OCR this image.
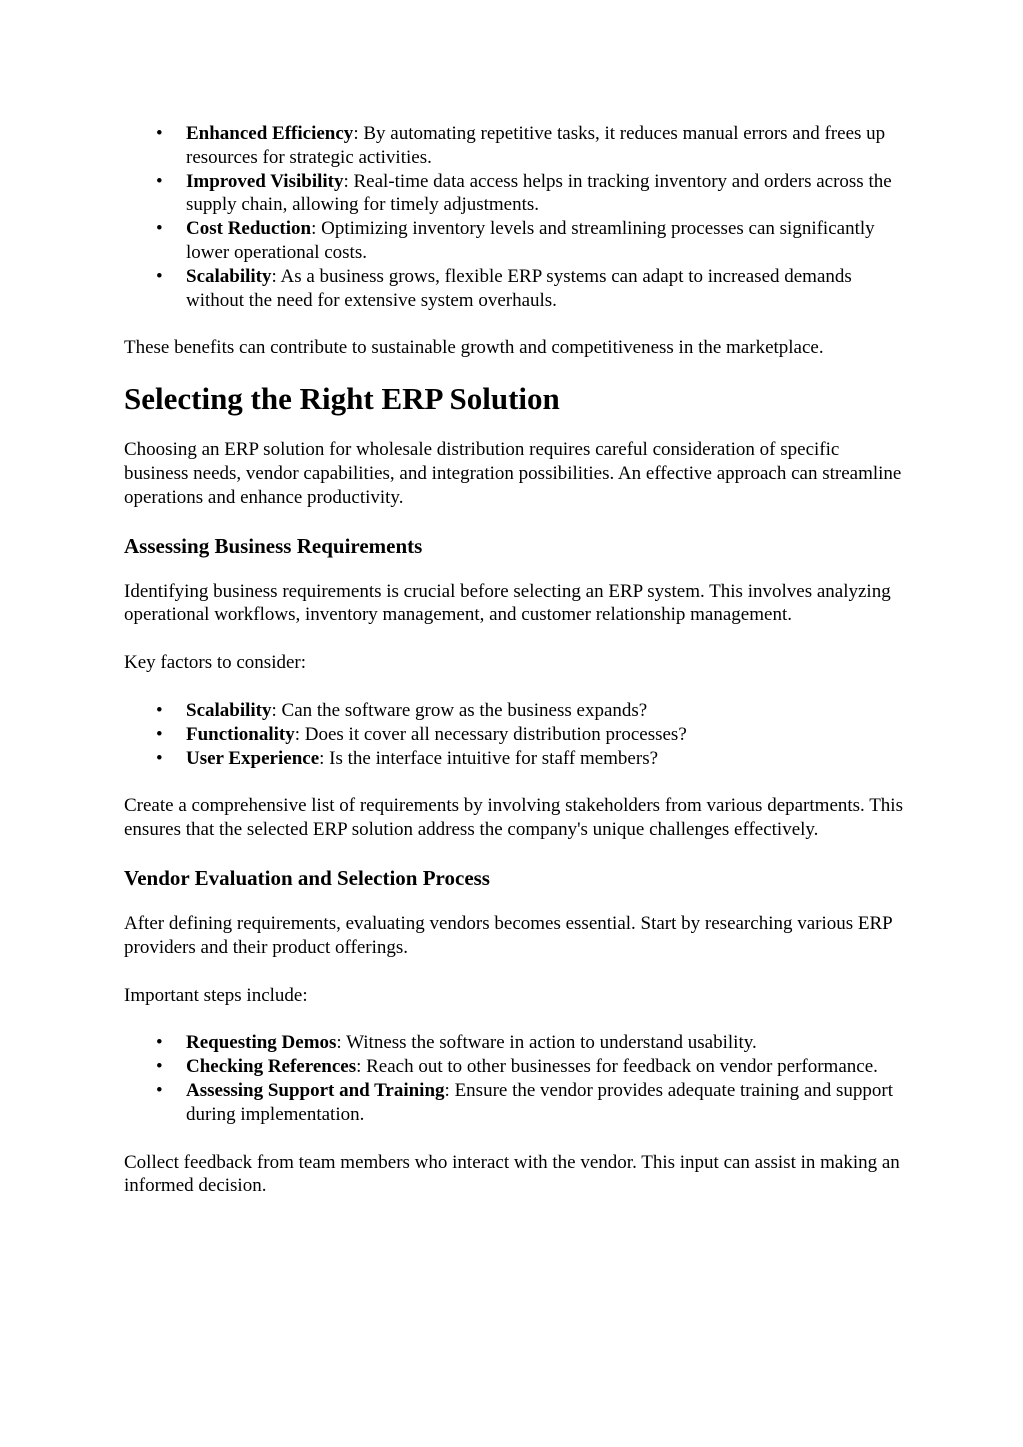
• Enhanced Efficiency: By automating repetitive tasks, it reduces manual errors and frees up resources for strategic activities.
• Improved Visibility: Real-time data access helps in tracking inventory and orders across the supply chain, allowing for timely adjustments.
• Cost Reduction: Optimizing inventory levels and streamlining processes can significantly lower operational costs.
• Scalability: As a business grows, flexible ERP systems can adapt to increased demands without the need for extensive system overhauls.

These benefits can contribute to sustainable growth and competitiveness in the marketplace.

Selecting the Right ERP Solution

Choosing an ERP solution for wholesale distribution requires careful consideration of specific business needs, vendor capabilities, and integration possibilities. An effective approach can streamline operations and enhance productivity.

Assessing Business Requirements

Identifying business requirements is crucial before selecting an ERP system. This involves analyzing operational workflows, inventory management, and customer relationship management.

Key factors to consider:

• Scalability: Can the software grow as the business expands?
• Functionality: Does it cover all necessary distribution processes?
• User Experience: Is the interface intuitive for staff members?

Create a comprehensive list of requirements by involving stakeholders from various departments. This ensures that the selected ERP solution address the company's unique challenges effectively.

Vendor Evaluation and Selection Process

After defining requirements, evaluating vendors becomes essential. Start by researching various ERP providers and their product offerings.

Important steps include:

• Requesting Demos: Witness the software in action to understand usability.
• Checking References: Reach out to other businesses for feedback on vendor performance.
• Assessing Support and Training: Ensure the vendor provides adequate training and support during implementation.

Collect feedback from team members who interact with the vendor. This input can assist in making an informed decision.
